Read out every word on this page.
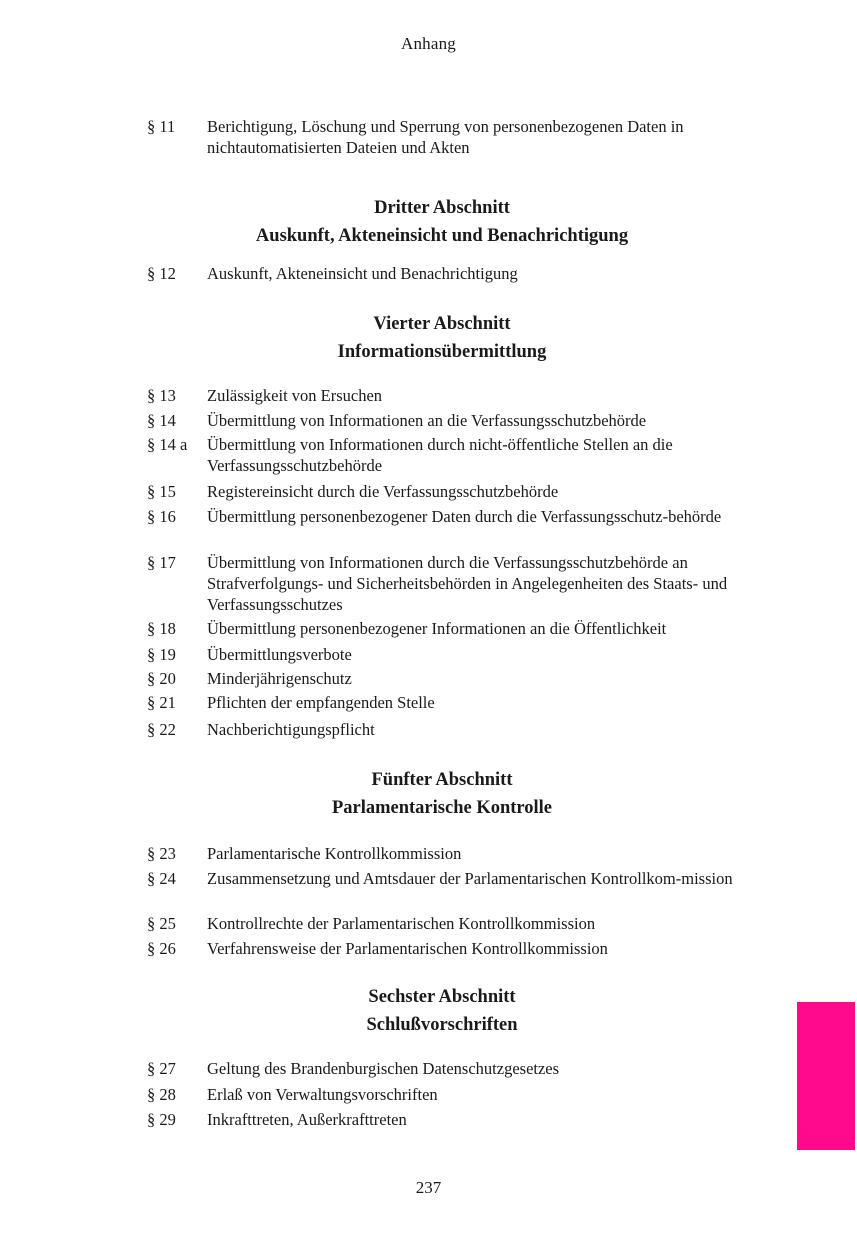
Anhang
§ 11	Berichtigung, Löschung und Sperrung von personenbezogenen Daten in nichtautomatisierten Dateien und Akten
Dritter Abschnitt
Auskunft, Akteneinsicht und Benachrichtigung
§ 12	Auskunft, Akteneinsicht und Benachrichtigung
Vierter Abschnitt
Informationsübermittlung
§ 13	Zulässigkeit von Ersuchen
§ 14	Übermittlung von Informationen an die Verfassungsschutzbehörde
§ 14 a	Übermittlung von Informationen durch nicht-öffentliche Stellen an die Verfassungsschutzbehörde
§ 15	Registereinsicht durch die Verfassungsschutzbehörde
§ 16	Übermittlung personenbezogener Daten durch die Verfassungsschutz-behörde
§ 17	Übermittlung von Informationen durch die Verfassungsschutzbehörde an Strafverfolgungs- und Sicherheitsbehörden in Angelegenheiten des Staats- und Verfassungsschutzes
§ 18	Übermittlung personenbezogener Informationen an die Öffentlichkeit
§ 19	Übermittlungsverbote
§ 20	Minderjährigenschutz
§ 21	Pflichten der empfangenden Stelle
§ 22	Nachberichtigungspflicht
Fünfter Abschnitt
Parlamentarische Kontrolle
§ 23	Parlamentarische Kontrollkommission
§ 24	Zusammensetzung und Amtsdauer der Parlamentarischen Kontrollkom-mission
§ 25	Kontrollrechte der Parlamentarischen Kontrollkommission
§ 26	Verfahrensweise der Parlamentarischen Kontrollkommission
Sechster Abschnitt
Schlußvorschriften
§ 27	Geltung des Brandenburgischen Datenschutzgesetzes
§ 28	Erlaß von Verwaltungsvorschriften
§ 29	Inkrafttreten, Außerkrafttreten
237
